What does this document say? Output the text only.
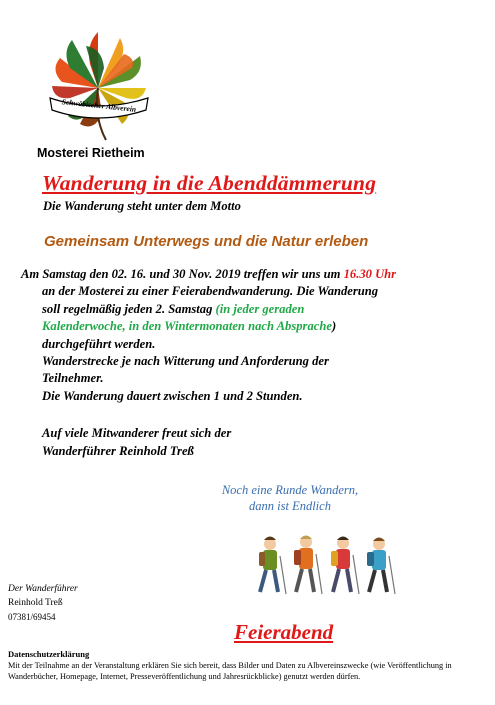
Schwäbischer Albverein
Mosterei Rietheim
Wanderung in die Abenddämmerung
Die Wanderung steht unter dem Motto
Gemeinsam Unterwegs und die Natur erleben
Am Samstag den 02. 16. und 30 Nov. 2019 treffen wir uns um 16.30 Uhr
an der Mosterei zu einer Feierabendwanderung. Die Wanderung
soll regelmäßig jeden 2. Samstag (in jeder geraden
Kalenderwoche, in den Wintermonaten nach Absprache)
durchgeführt werden.
Wanderstrecke je nach Witterung und Anforderung der
Teilnehmer.
Die Wanderung dauert zwischen 1 und 2 Stunden.
Auf viele Mitwanderer freut sich der
Wanderführer Reinhold Treß
Noch eine Runde Wandern,
dann ist Endlich
Der Wanderführer
Reinhold Treß
07381/69454
Feierabend
Datenschutzerklärung
Mit der Teilnahme an der Veranstaltung erklären Sie sich bereit, dass Bilder und Daten zu Albvereinszwecke (wie Veröffentlichung in Wanderbücher, Homepage, Internet, Presseveröffentlichung und Jahresrückblicke) genutzt werden dürfen.
